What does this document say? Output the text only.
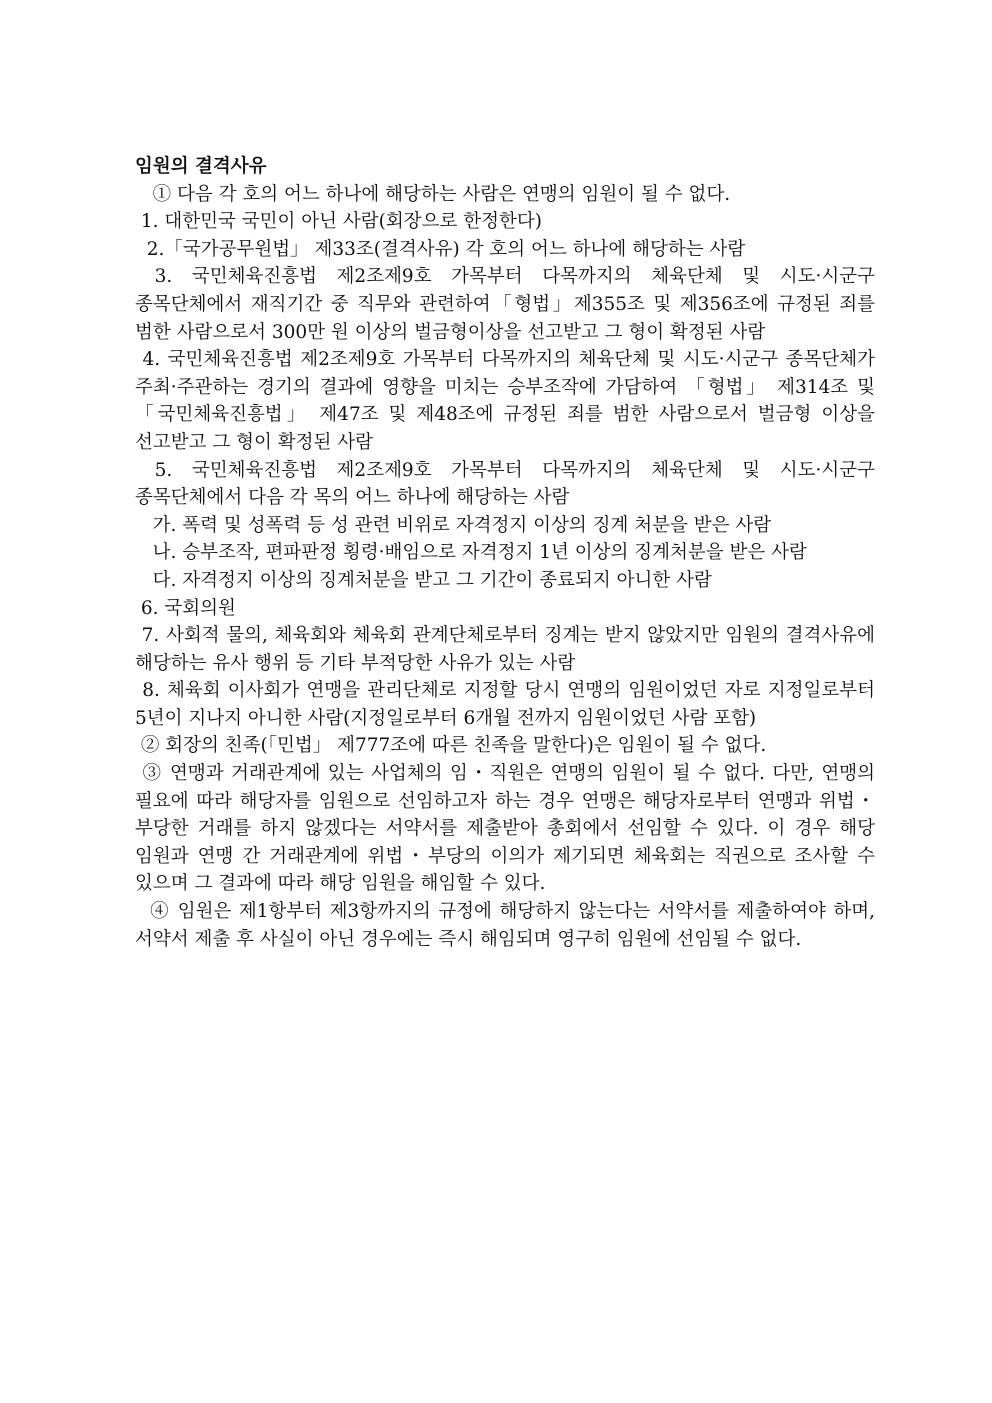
임원의 결격사유
① 다음 각 호의 어느 하나에 해당하는 사람은 연맹의 임원이 될 수 없다.
1. 대한민국 국민이 아닌 사람(회장으로 한정한다)
2.「국가공무원법」 제33조(결격사유) 각 호의 어느 하나에 해당하는 사람
3. 국민체육진흥법 제2조제9호 가목부터 다목까지의 체육단체 및 시도·시군구 종목단체에서 재직기간 중 직무와 관련하여「형법」제355조 및 제356조에 규정된 죄를 범한 사람으로서 300만 원 이상의 벌금형이상을 선고받고 그 형이 확정된 사람
4. 국민체육진흥법 제2조제9호 가목부터 다목까지의 체육단체 및 시도·시군구 종목단체가 주최·주관하는 경기의 결과에 영향을 미치는 승부조작에 가담하여 「형법」 제314조 및 「국민체육진흥법」 제47조 및 제48조에 규정된 죄를 범한 사람으로서 벌금형 이상을 선고받고 그 형이 확정된 사람
5. 국민체육진흥법 제2조제9호 가목부터 다목까지의 체육단체 및 시도·시군구 종목단체에서 다음 각 목의 어느 하나에 해당하는 사람
가. 폭력 및 성폭력 등 성 관련 비위로 자격정지 이상의 징계 처분을 받은 사람
나. 승부조작, 편파판정 횡령·배임으로 자격정지 1년 이상의 징계처분을 받은 사람
다. 자격정지 이상의 징계처분을 받고 그 기간이 종료되지 아니한 사람
6. 국회의원
7. 사회적 물의, 체육회와 체육회 관계단체로부터 징계는 받지 않았지만 임원의 결격사유에 해당하는 유사 행위 등 기타 부적당한 사유가 있는 사람
8. 체육회 이사회가 연맹을 관리단체로 지정할 당시 연맹의 임원이었던 자로 지정일로부터 5년이 지나지 아니한 사람(지정일로부터 6개월 전까지 임원이었던 사람 포함)
② 회장의 친족(「민법」 제777조에 따른 친족을 말한다)은 임원이 될 수 없다.
③ 연맹과 거래관계에 있는 사업체의 임・직원은 연맹의 임원이 될 수 없다. 다만, 연맹의 필요에 따라 해당자를 임원으로 선임하고자 하는 경우 연맹은 해당자로부터 연맹과 위법・부당한 거래를 하지 않겠다는 서약서를 제출받아 총회에서 선임할 수 있다. 이 경우 해당 임원과 연맹 간 거래관계에 위법・부당의 이의가 제기되면 체육회는 직권으로 조사할 수 있으며 그 결과에 따라 해당 임원을 해임할 수 있다.
④ 임원은 제1항부터 제3항까지의 규정에 해당하지 않는다는 서약서를 제출하여야 하며, 서약서 제출 후 사실이 아닌 경우에는 즉시 해임되며 영구히 임원에 선임될 수 없다.
